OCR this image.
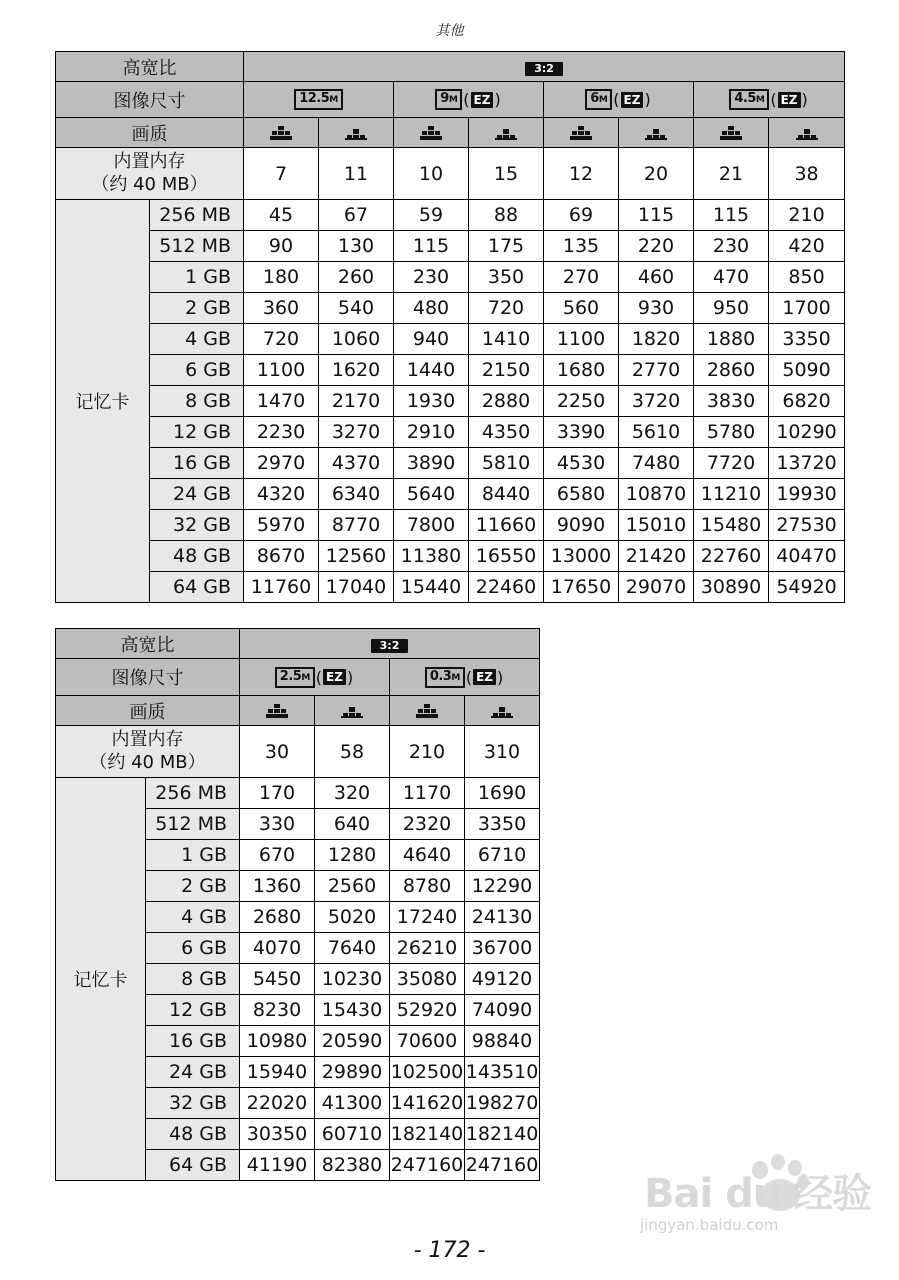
其他
高宽比		3:2							
图像尺寸		12.5M		9M ( EZ )		6M ( EZ )		4.5M ( EZ )	
画质								

内置内存
（约 40 MB）		7	11	10	15	12	20	21	38
记忆卡	256 MB	45	67	59	88	69	115	115	210
	512 MB	90	130	115	175	135	220	230	420
	1 GB	180	260	230	350	270	460	470	850
	2 GB	360	540	480	720	560	930	950	1700
	4 GB	720	1060	940	1410	1100	1820	1880	3350
	6 GB	1100	1620	1440	2150	1680	2770	2860	5090
	8 GB	1470	2170	1930	2880	2250	3720	3830	6820
	12 GB	2230	3270	2910	4350	3390	5610	5780	10290
	16 GB	2970	4370	3890	5810	4530	7480	7720	13720
	24 GB	4320	6340	5640	8440	6580	10870	11210	19930
	32 GB	5970	8770	7800	11660	9090	15010	15480	27530
	48 GB	8670	12560	11380	16550	13000	21420	22760	40470
	64 GB	11760	17040	15440	22460	17650	29070	30890	54920
高宽比		3:2			
图像尺寸		2.5M ( EZ )		0.3M ( EZ )	
画质				

内置内存
（约 40 MB）		30	58	210	310
记忆卡	256 MB	170	320	1170	1690
	512 MB	330	640	2320	3350
	1 GB	670	1280	4640	6710
	2 GB	1360	2560	8780	12290
	4 GB	2680	5020	17240	24130
	6 GB	4070	7640	26210	36700
	8 GB	5450	10230	35080	49120
	12 GB	8230	15430	52920	74090
	16 GB	10980	20590	70600	98840
	24 GB	15940	29890	102500	143510
	32 GB	22020	41300	141620	198270
	48 GB	30350	60710	182140	182140
	64 GB	41190	82380	247160	247160
- 172 -
Bai du 经验
jingyan.baidu.com
